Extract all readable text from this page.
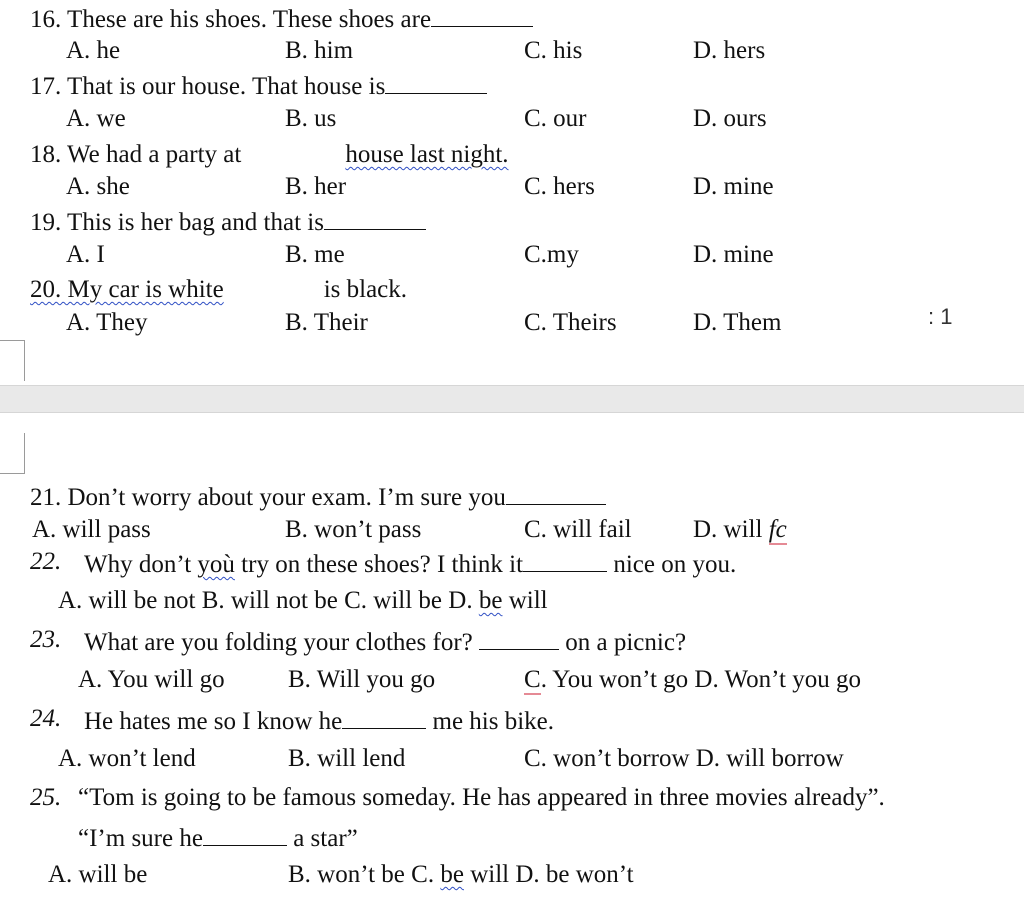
16. These are his shoes. These shoes are
A. he	B. him	C. his	D. hers
17. That is our house. That house is
A. we	B. us	C. our	D. ours
18. We had a party at	house last night.
A. she	B. her	C. hers	D. mine
19. This is her bag and that is
A. I	B. me	C.my	D. mine
20. My car is white	is black.
A. They	B. Their	C. Theirs	D. Them	: 1
21. Don’t worry about your exam. I’m sure you
A. will pass	B. won’t pass	C. will fail D. will fc
22. Why don’t yoù try on these shoes? I think it	nice on you.
A. will be not B. will not be C. will be D. be will
23. What are you folding your clothes for?	on a picnic?
A. You will go	B. Will you go	C. You won’t go D. Won’t you go
24. He hates me so I know he	me his bike.
A. won’t lend	B. will lend	C. won’t borrow D. will borrow
25. “Tom is going to be famous someday. He has appeared in three movies already”.
“I’m sure he	a star”
A. will be	B. won’t be C. be will D. be won’t
